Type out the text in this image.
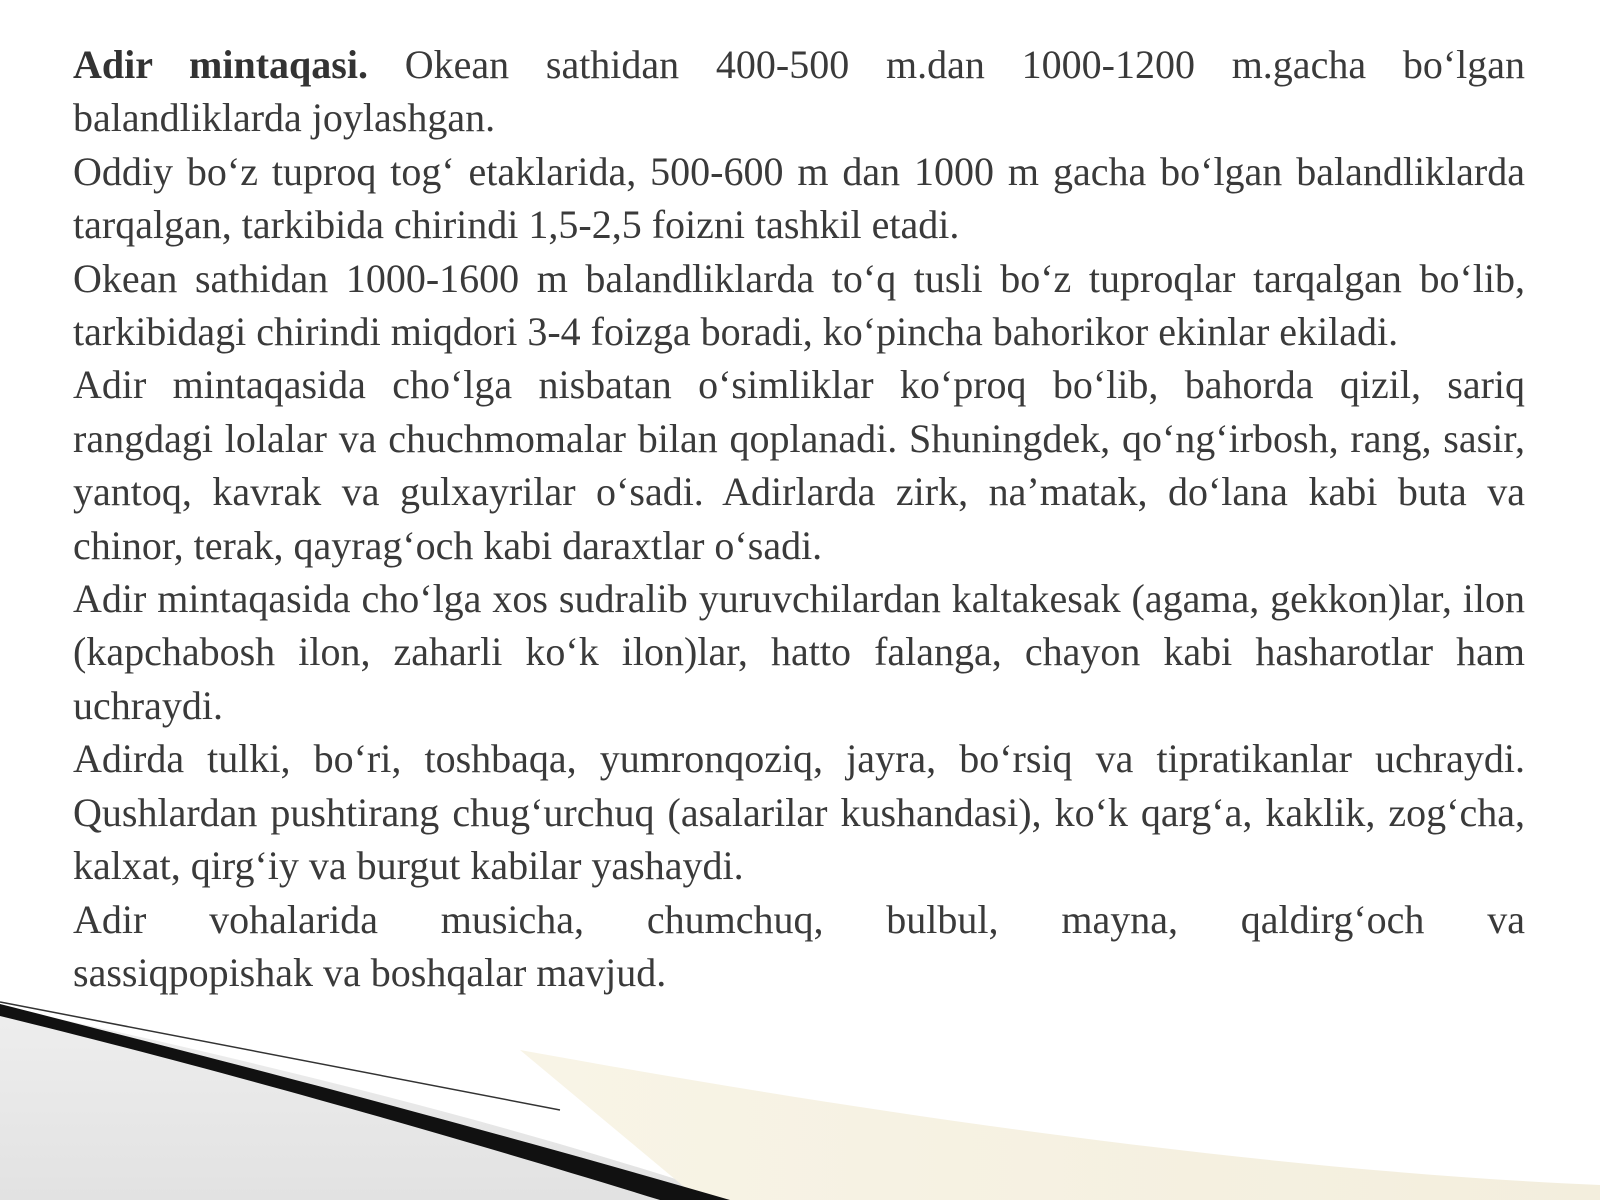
Adir mintaqasi. Okean sathidan 400-500 m.dan 1000-1200 m.gacha bo‘lgan balandliklarda joylashgan.

Oddiy bo‘z tuproq tog‘ etaklarida, 500-600 m dan 1000 m gacha bo‘lgan balandliklarda tarqalgan, tarkibida chirindi 1,5-2,5 foizni tashkil etadi.

Okean sathidan 1000-1600 m balandliklarda to‘q tusli bo‘z tuproqlar tarqalgan bo‘lib, tarkibidagi chirindi miqdori 3-4 foizga boradi, ko‘pincha bahorikor ekinlar ekiladi.

Adir mintaqasida cho‘lga nisbatan o‘simliklar ko‘proq bo‘lib, bahorda qizil, sariq rangdagi lolalar va chuchmomalar bilan qoplanadi. Shuningdek, qo‘ng‘irbosh, rang, sasir, yantoq, kavrak va gulxayrilar o‘sadi. Adirlarda zirk, na’matak, do‘lana kabi buta va chinor, terak, qayrag‘och kabi daraxtlar o‘sadi.

Adir mintaqasida cho‘lga xos sudralib yuruvchilardan kaltakesak (agama, gekkon)lar, ilon (kapchabosh ilon, zaharli ko‘k ilon)lar, hatto falanga, chayon kabi hasharotlar ham uchraydi.

Adirda tulki, bo‘ri, toshbaqa, yumronqoziq, jayra, bo‘rsiq va tipratikanlar uchraydi. Qushlardan pushtirang chug‘urchuq (asalarilar kushandasi), ko‘k qarg‘a, kaklik, zog‘cha, kalxat, qirg‘iy va burgut kabilar yashaydi.

Adir vohalarida musicha, chumchuq, bulbul, mayna, qaldirg‘och va

sassiqpopishak va boshqalar mavjud.
